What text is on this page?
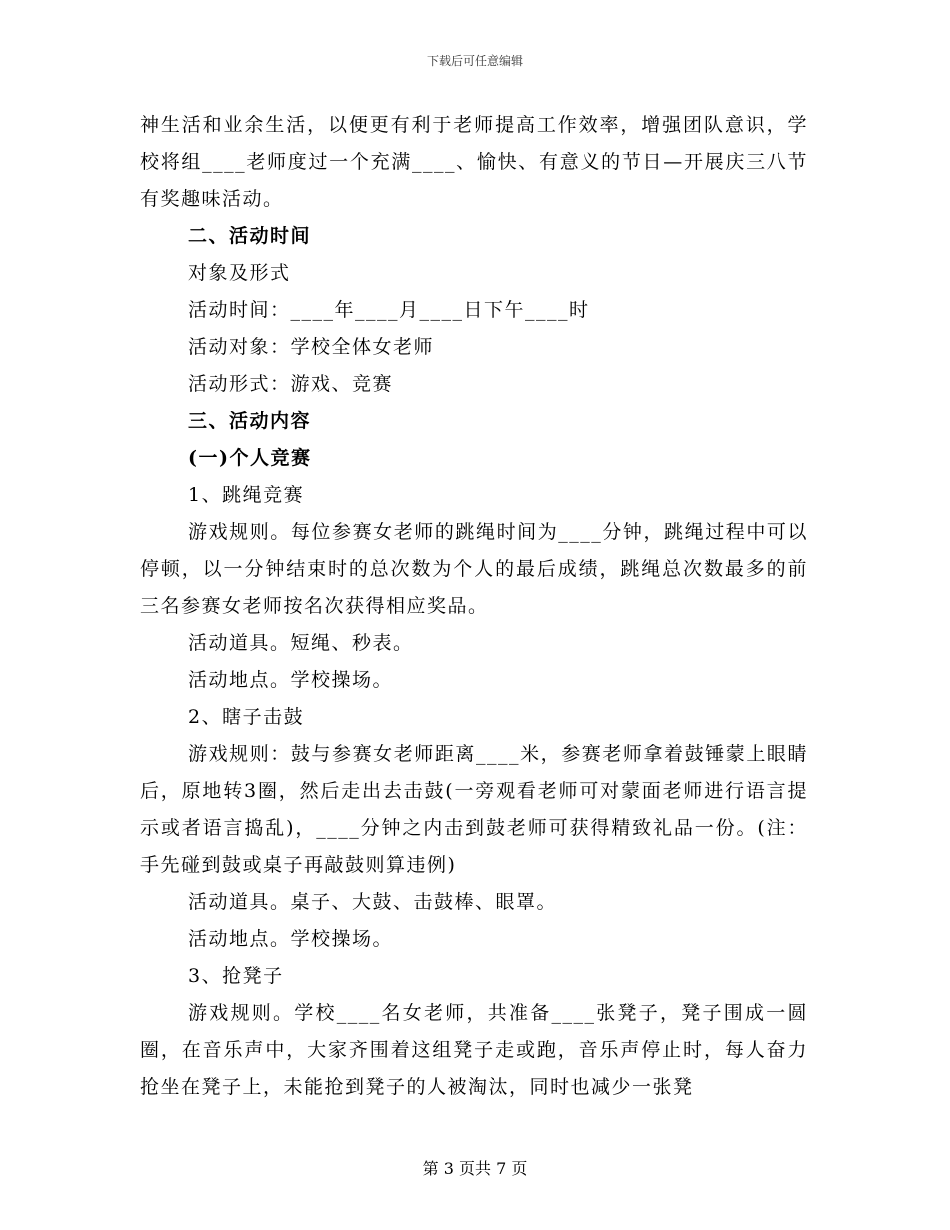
下载后可任意编辑

神生活和业余生活，以便更有利于老师提高工作效率，增强团队意识，学校将组____老师度过一个充满____、愉快、有意义的节日—开展庆三八节有奖趣味活动。

二、活动时间

对象及形式

活动时间：____年____月____日下午____时

活动对象：学校全体女老师

活动形式：游戏、竞赛

三、活动内容

(一)个人竞赛

1、跳绳竞赛

游戏规则。每位参赛女老师的跳绳时间为____分钟，跳绳过程中可以停顿，以一分钟结束时的总次数为个人的最后成绩，跳绳总次数最多的前三名参赛女老师按名次获得相应奖品。

活动道具。短绳、秒表。

活动地点。学校操场。

2、瞎子击鼓

游戏规则：鼓与参赛女老师距离____米，参赛老师拿着鼓锤蒙上眼睛后，原地转3圈，然后走出去击鼓(一旁观看老师可对蒙面老师进行语言提示或者语言捣乱)，____分钟之内击到鼓老师可获得精致礼品一份。(注：手先碰到鼓或桌子再敲鼓则算违例)

活动道具。桌子、大鼓、击鼓棒、眼罩。

活动地点。学校操场。

3、抢凳子

游戏规则。学校____名女老师，共准备____张凳子，凳子围成一圆圈，在音乐声中，大家齐围着这组凳子走或跑，音乐声停止时，每人奋力抢坐在凳子上，未能抢到凳子的人被淘汰，同时也减少一张凳

第 3 页共 7 页
